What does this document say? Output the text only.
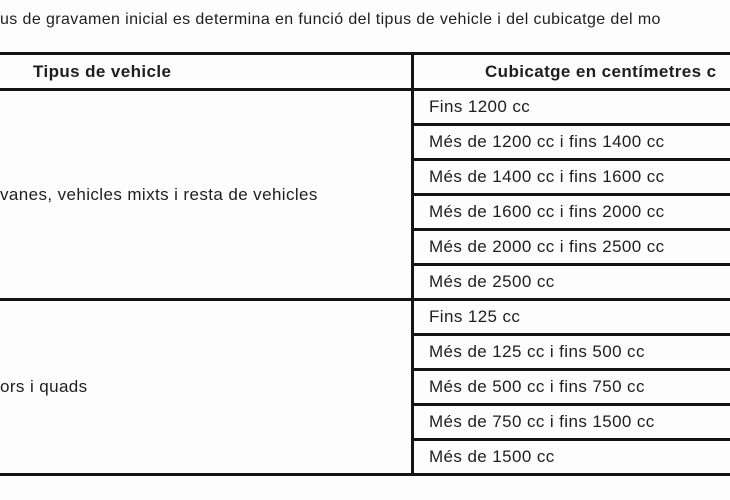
us de gravamen inicial es determina en funció del tipus de vehicle i del cubicatge del mo

Tipus de vehicle	Cubicatge en centímetres c
vanes, vehicles mixts i resta de vehicles	Fins 1200 cc
	Més de 1200 cc i fins 1400 cc
	Més de 1400 cc i fins 1600 cc
	Més de 1600 cc i fins 2000 cc
	Més de 2000 cc i fins 2500 cc
	Més de 2500 cc
ors i quads	Fins 125 cc
	Més de 125 cc i fins 500 cc
	Més de 500 cc i fins 750 cc
	Més de 750 cc i fins 1500 cc
	Més de 1500 cc
